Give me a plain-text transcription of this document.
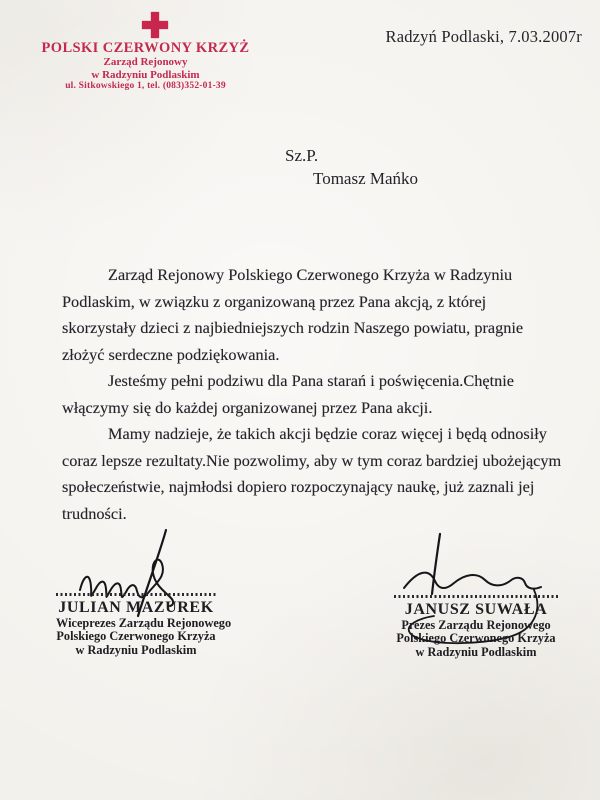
POLSKI CZERWONY KRZYŻ
Zarząd Rejonowy
w Radzyniu Podlaskim
ul. Sitkowskiego 1, tel. (083)352-01-39
Radzyń Podlaski, 7.03.2007r
Sz.P.
Tomasz Mańko

Zarząd Rejonowy Polskiego Czerwonego Krzyża w Radzyniu Podlaskim, w związku z organizowaną przez Pana akcją, z której skorzystały dzieci z najbiedniejszych rodzin Naszego powiatu, pragnie złożyć serdeczne podziękowania.

Jesteśmy pełni podziwu dla Pana starań i poświęcenia.Chętnie włączymy się do każdej organizowanej przez Pana akcji.

Mamy nadzieje, że takich akcji będzie coraz więcej i będą odnosiły coraz lepsze rezultaty.Nie pozwolimy, aby w tym coraz bardziej ubożejącym społeczeństwie, najmłodsi dopiero rozpoczynający naukę, już zaznali jej trudności.

JULIAN MAZUREK
Wiceprezes Zarządu Rejonowego
Polskiego Czerwonego Krzyża
w Radzyniu Podlaskim
JANUSZ SUWAŁA
Prezes Zarządu Rejonowego
Polskiego Czerwonego Krzyża
w Radzyniu Podlaskim
